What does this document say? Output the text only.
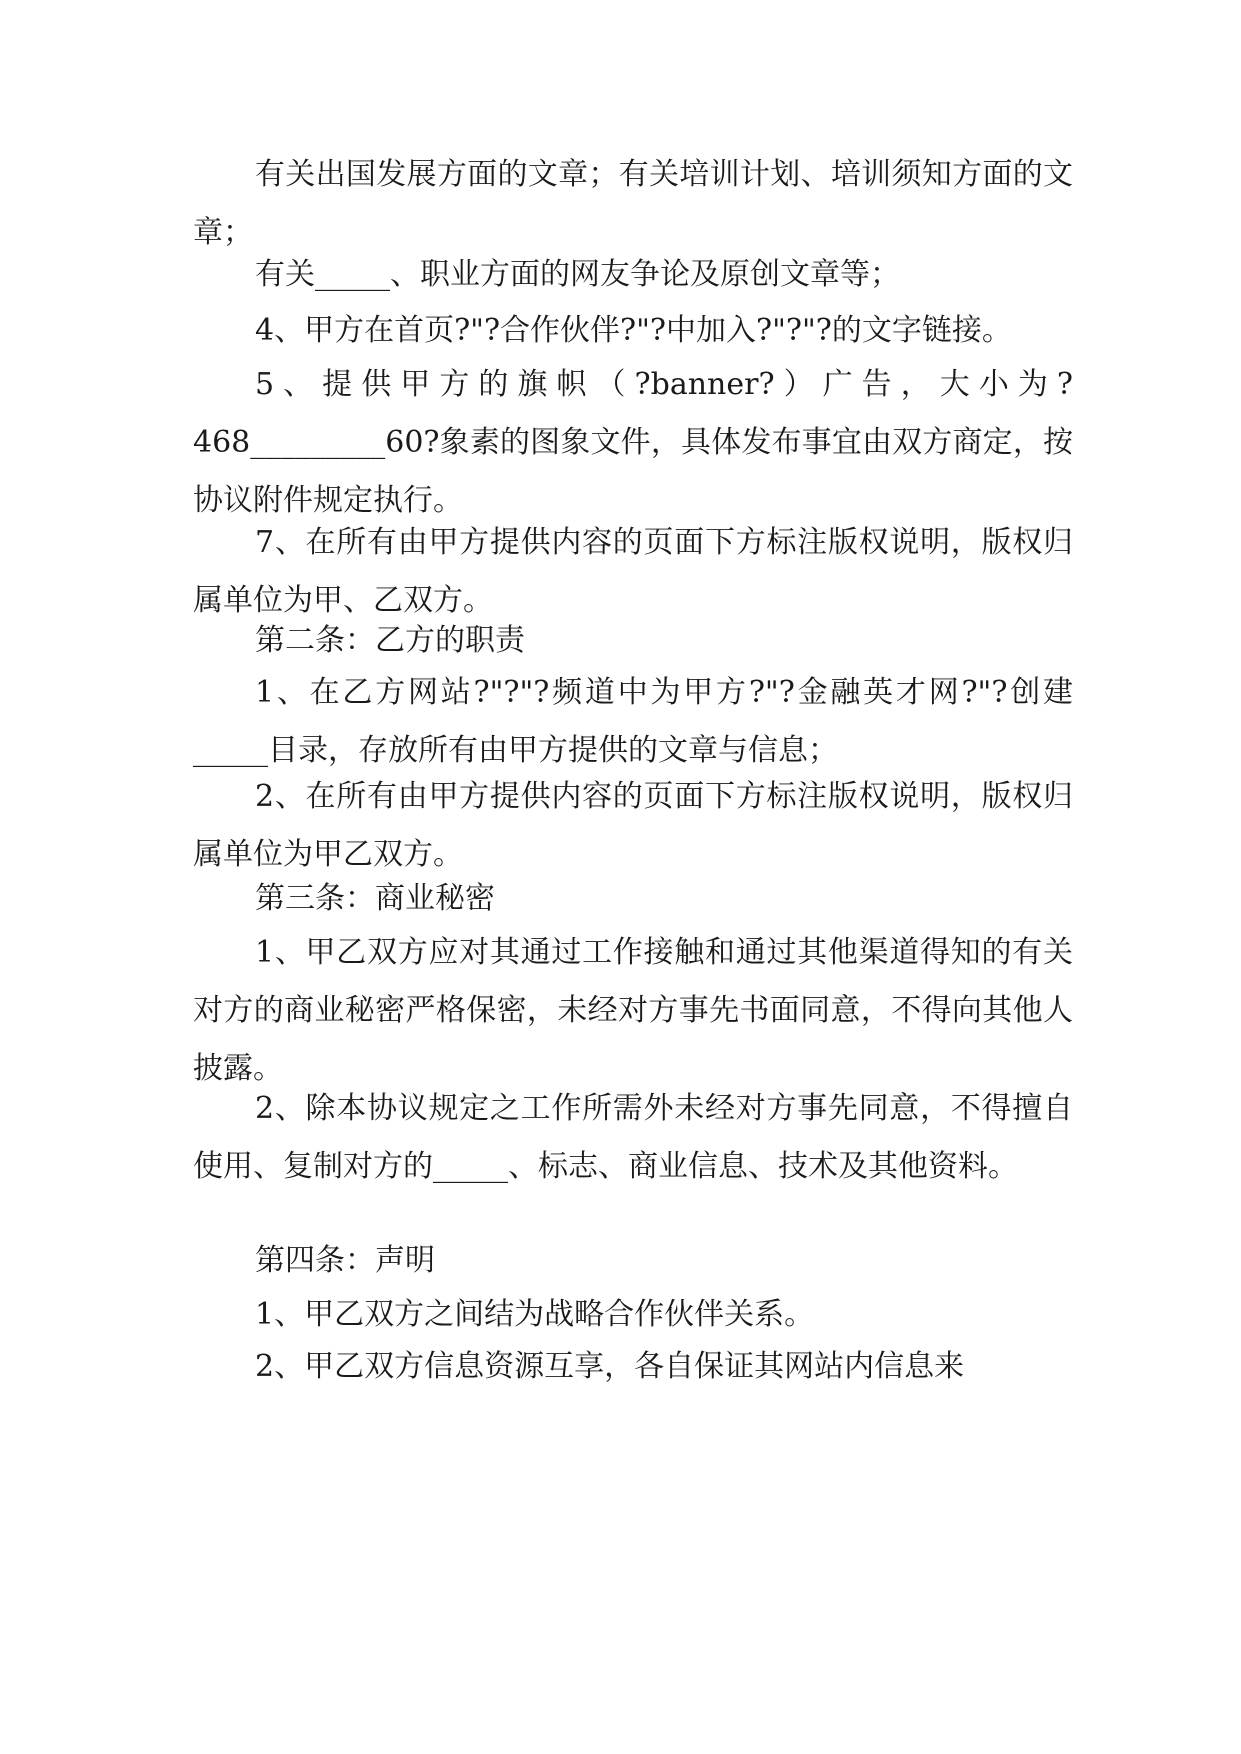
有关出国发展方面的文章；有关培训计划、培训须知方面的文章；

有关_____、职业方面的网友争论及原创文章等；

4、甲方在首页?"?合作伙伴?"?中加入?"?"?的文字链接。

5、提供甲方的旗帜（?banner?）广告，大小为?468_________60?象素的图象文件，具体发布事宜由双方商定，按协议附件规定执行。

7、在所有由甲方提供内容的页面下方标注版权说明，版权归属单位为甲、乙双方。

第二条：乙方的职责

1、在乙方网站?"?"?频道中为甲方?"?金融英才网?"?创建_____目录，存放所有由甲方提供的文章与信息；

2、在所有由甲方提供内容的页面下方标注版权说明，版权归属单位为甲乙双方。

第三条：商业秘密

1、甲乙双方应对其通过工作接触和通过其他渠道得知的有关对方的商业秘密严格保密，未经对方事先书面同意，不得向其他人披露。

2、除本协议规定之工作所需外未经对方事先同意，不得擅自使用、复制对方的_____、标志、商业信息、技术及其他资料。

第四条：声明

1、甲乙双方之间结为战略合作伙伴关系。

2、甲乙双方信息资源互享，各自保证其网站内信息来
